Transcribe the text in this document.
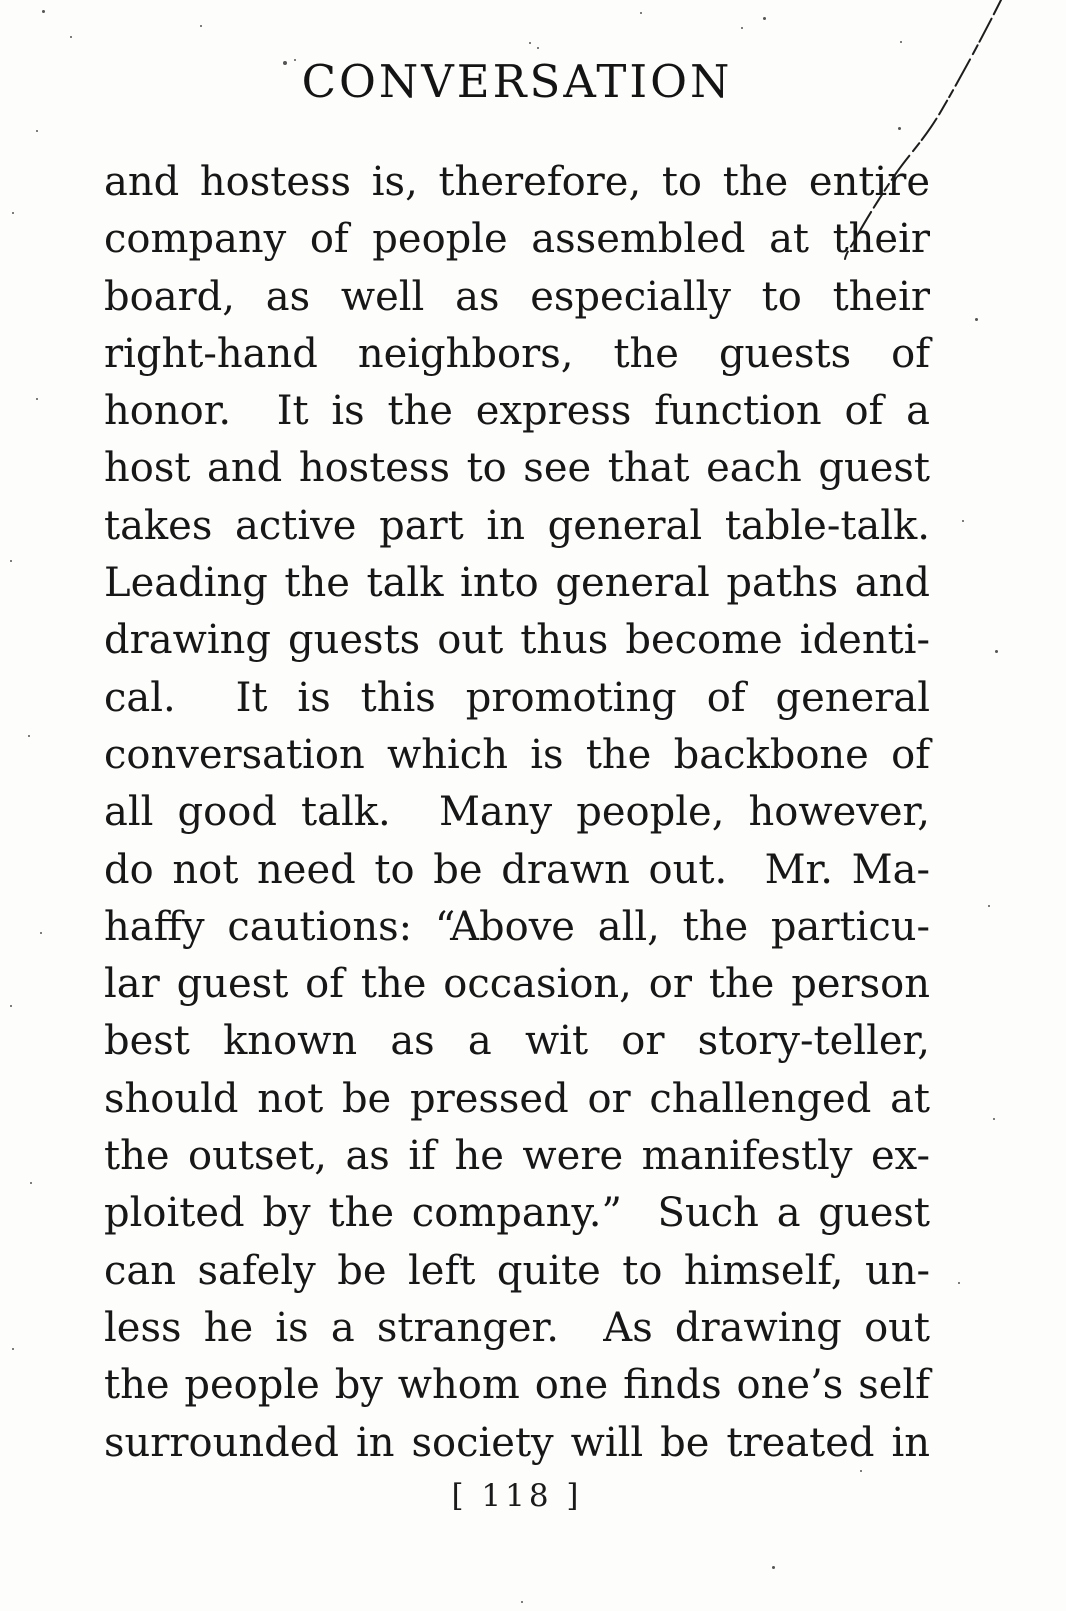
CONVERSATION
and hostess is, therefore, to the entire
company of people assembled at their
board, as well as especially to their
right-hand neighbors, the guests of
honor.  It is the express function of a
host and hostess to see that each guest
takes active part in general table-talk.
Leading the talk into general paths and
drawing guests out thus become identi-
cal.  It is this promoting of general
conversation which is the backbone of
all good talk.  Many people, however,
do not need to be drawn out.  Mr. Ma-
haffy cautions: “Above all, the particu-
lar guest of the occasion, or the person
best known as a wit or story-teller,
should not be pressed or challenged at
the outset, as if he were manifestly ex-
ploited by the company.”  Such a guest
can safely be left quite to himself, un-
less he is a stranger.  As drawing out
the people by whom one finds one’s self
surrounded in society will be treated in
[ 118 ]
